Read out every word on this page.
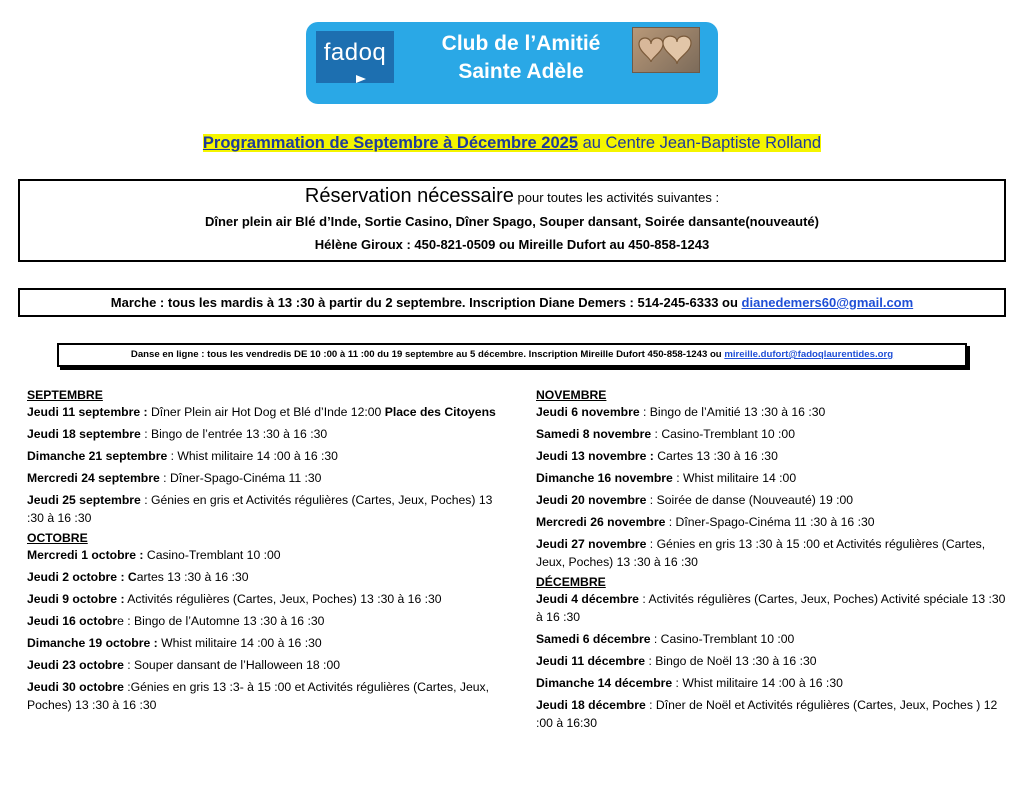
fadoq	Club de l’Amitié
Sainte Adèle
Programmation de Septembre à Décembre 2025 au Centre Jean-Baptiste Rolland
Réservation nécessaire pour toutes les activités suivantes :
Dîner plein air Blé d’Inde, Sortie Casino, Dîner Spago, Souper dansant, Soirée dansante(nouveauté)
Hélène Giroux : 450-821-0509 ou Mireille Dufort au 450-858-1243
Marche : tous les mardis à 13 :30 à partir du 2 septembre. Inscription Diane Demers : 514-245-6333 ou dianedemers60@gmail.com
Danse en ligne : tous les vendredis DE 10 :00 à 11 :00 du 19 septembre au 5 décembre. Inscription Mireille Dufort 450-858-1243 ou mireille.dufort@fadoqlaurentides.org
SEPTEMBRE
Jeudi 11 septembre : Dîner Plein air Hot Dog et Blé d’Inde 12:00 Place des Citoyens
Jeudi 18 septembre : Bingo de l’entrée 13 :30 à 16 :30
Dimanche 21 septembre : Whist militaire 14 :00 à 16 :30
Mercredi 24 septembre : Dîner-Spago-Cinéma 11 :30
Jeudi 25 septembre : Génies en gris et Activités régulières (Cartes, Jeux, Poches) 13 :30 à 16 :30
OCTOBRE
Mercredi 1 octobre : Casino-Tremblant 10 :00
Jeudi 2 octobre : Cartes 13 :30 à 16 :30
Jeudi 9 octobre : Activités régulières (Cartes, Jeux, Poches) 13 :30 à 16 :30
Jeudi 16 octobre : Bingo de l’Automne 13 :30 à 16 :30
Dimanche 19 octobre : Whist militaire 14 :00 à 16 :30
Jeudi 23 octobre : Souper dansant de l’Halloween 18 :00
Jeudi 30 octobre :Génies en gris 13 :3- à 15 :00 et Activités régulières (Cartes, Jeux, Poches) 13 :30 à 16 :30
NOVEMBRE
Jeudi 6 novembre : Bingo de l’Amitié 13 :30 à 16 :30
Samedi 8 novembre : Casino-Tremblant 10 :00
Jeudi 13 novembre : Cartes 13 :30 à 16 :30
Dimanche 16 novembre : Whist militaire 14 :00
Jeudi 20 novembre : Soirée de danse (Nouveauté) 19 :00
Mercredi 26 novembre : Dîner-Spago-Cinéma 11 :30 à 16 :30
Jeudi 27 novembre : Génies en gris 13 :30 à 15 :00 et Activités régulières (Cartes, Jeux, Poches) 13 :30 à 16 :30
DÉCEMBRE
Jeudi 4 décembre : Activités régulières (Cartes, Jeux, Poches) Activité spéciale 13 :30 à 16 :30
Samedi 6 décembre : Casino-Tremblant 10 :00
Jeudi 11 décembre : Bingo de Noël 13 :30 à 16 :30
Dimanche 14 décembre : Whist militaire 14 :00 à 16 :30
Jeudi 18 décembre : Dîner de Noël et Activités régulières (Cartes, Jeux, Poches ) 12 :00 à 16:30
